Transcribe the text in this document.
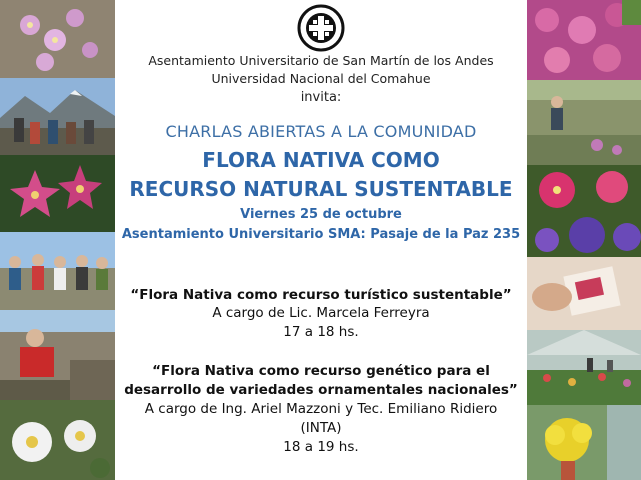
Asentamiento Universitario de San Martín de los Andes
Universidad Nacional del Comahue
invita:
CHARLAS ABIERTAS A LA COMUNIDAD
FLORA NATIVA COMO
RECURSO NATURAL SUSTENTABLE
Viernes 25 de octubre
Asentamiento Universitario SMA: Pasaje de la Paz 235
“Flora Nativa como recurso turístico sustentable”
A cargo de Lic. Marcela Ferreyra
17 a 18 hs.
“Flora Nativa como recurso genético para el
desarrollo de variedades ornamentales nacionales”
A cargo de Ing. Ariel Mazzoni y Tec. Emiliano Ridiero
(INTA)
18 a 19 hs.
